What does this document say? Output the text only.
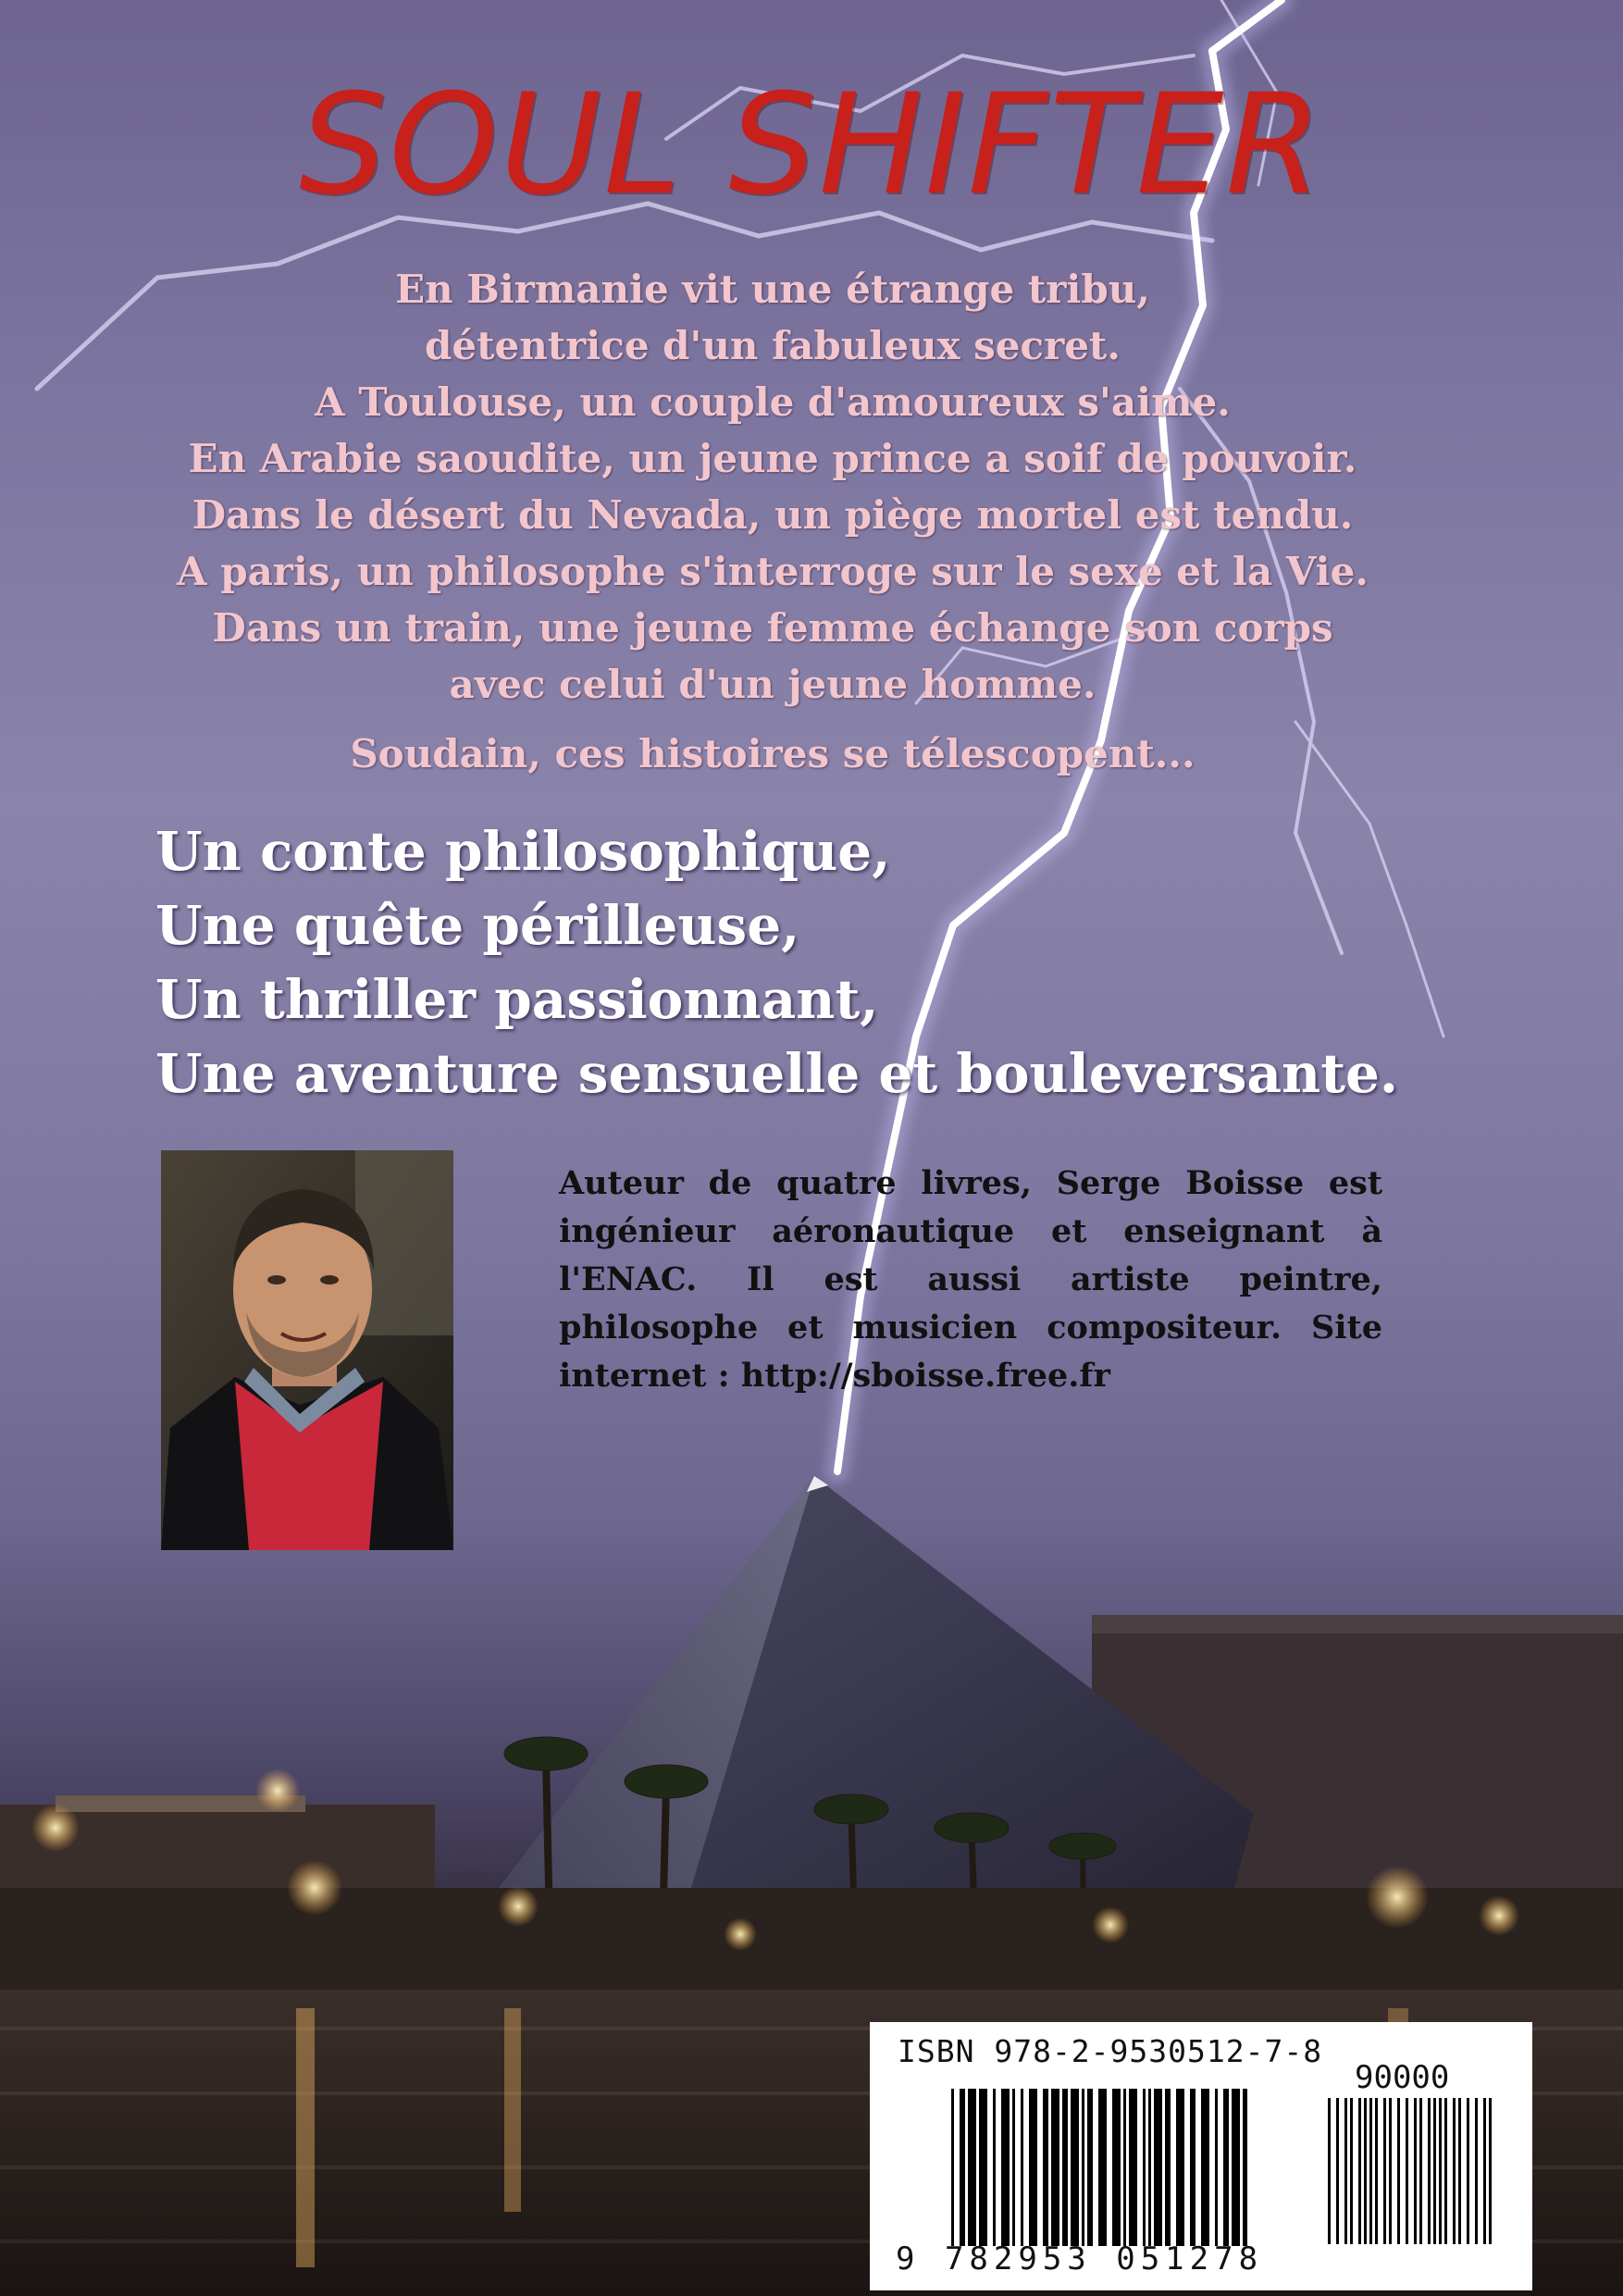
SOUL SHIFTER
En Birmanie vit une étrange tribu,
détentrice d'un fabuleux secret.
A Toulouse, un couple d'amoureux s'aime.
En Arabie saoudite, un jeune prince a soif de pouvoir.
Dans le désert du Nevada, un piège mortel est tendu.
A paris, un philosophe s'interroge sur le sexe et la Vie.
Dans un train, une jeune femme échange son corps
avec celui d'un jeune homme.
Soudain, ces histoires se télescopent...
Un conte philosophique,
Une quête périlleuse,
Un thriller passionnant,
Une aventure sensuelle et bouleversante.
Auteur de quatre livres, Serge Boisse est ingénieur aéronautique et enseignant à l'ENAC. Il est aussi artiste peintre, philosophe et musicien compositeur. Site internet : http://sboisse.free.fr
ISBN 978-2-9530512-7-8
90000
9 782953 051278
